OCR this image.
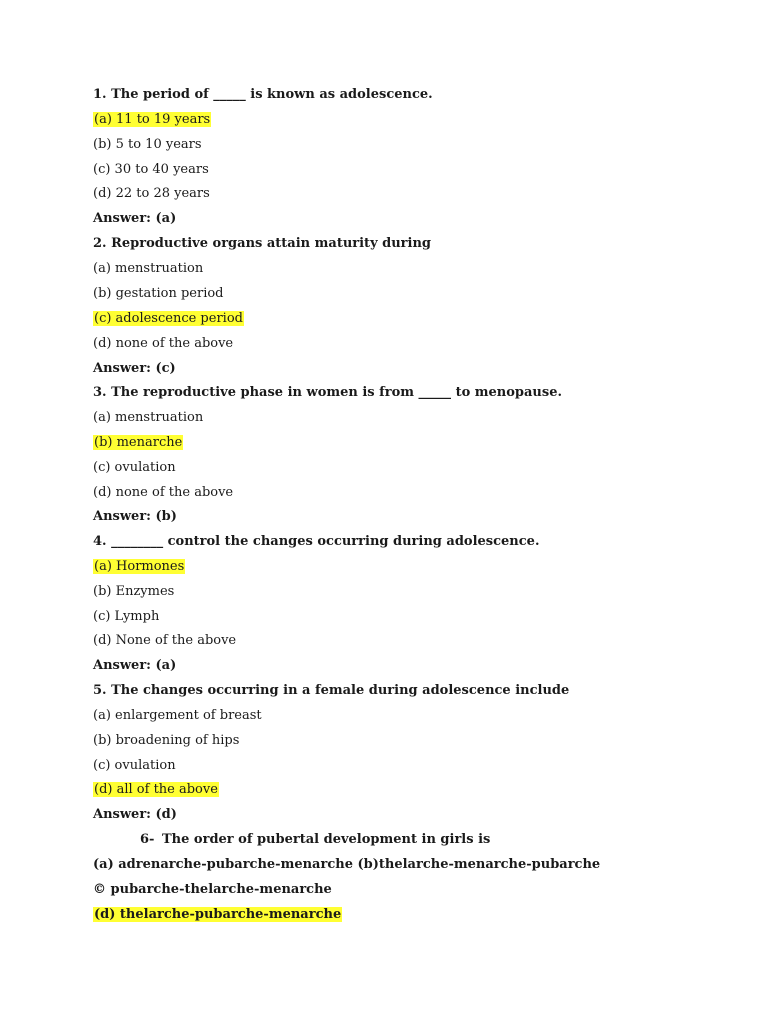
1. The period of _____ is known as adolescence.
(a) 11 to 19 years
(b) 5 to 10 years
(c) 30 to 40 years
(d) 22 to 28 years
Answer: (a)
2. Reproductive organs attain maturity during
(a) menstruation
(b) gestation period
(c) adolescence period
(d) none of the above
Answer: (c)
3. The reproductive phase in women is from _____ to menopause.
(a) menstruation
(b) menarche
(c) ovulation
(d) none of the above
Answer: (b)
4. ________ control the changes occurring during adolescence.
(a) Hormones
(b) Enzymes
(c) Lymph
(d) None of the above
Answer: (a)
5. The changes occurring in a female during adolescence include
(a) enlargement of breast
(b) broadening of hips
(c) ovulation
(d) all of the above
Answer: (d)
6- The order of pubertal development in girls is
(a) adrenarche-pubarche-menarche (b)thelarche-menarche-pubarche
© pubarche-thelarche-menarche
(d) thelarche-pubarche-menarche
